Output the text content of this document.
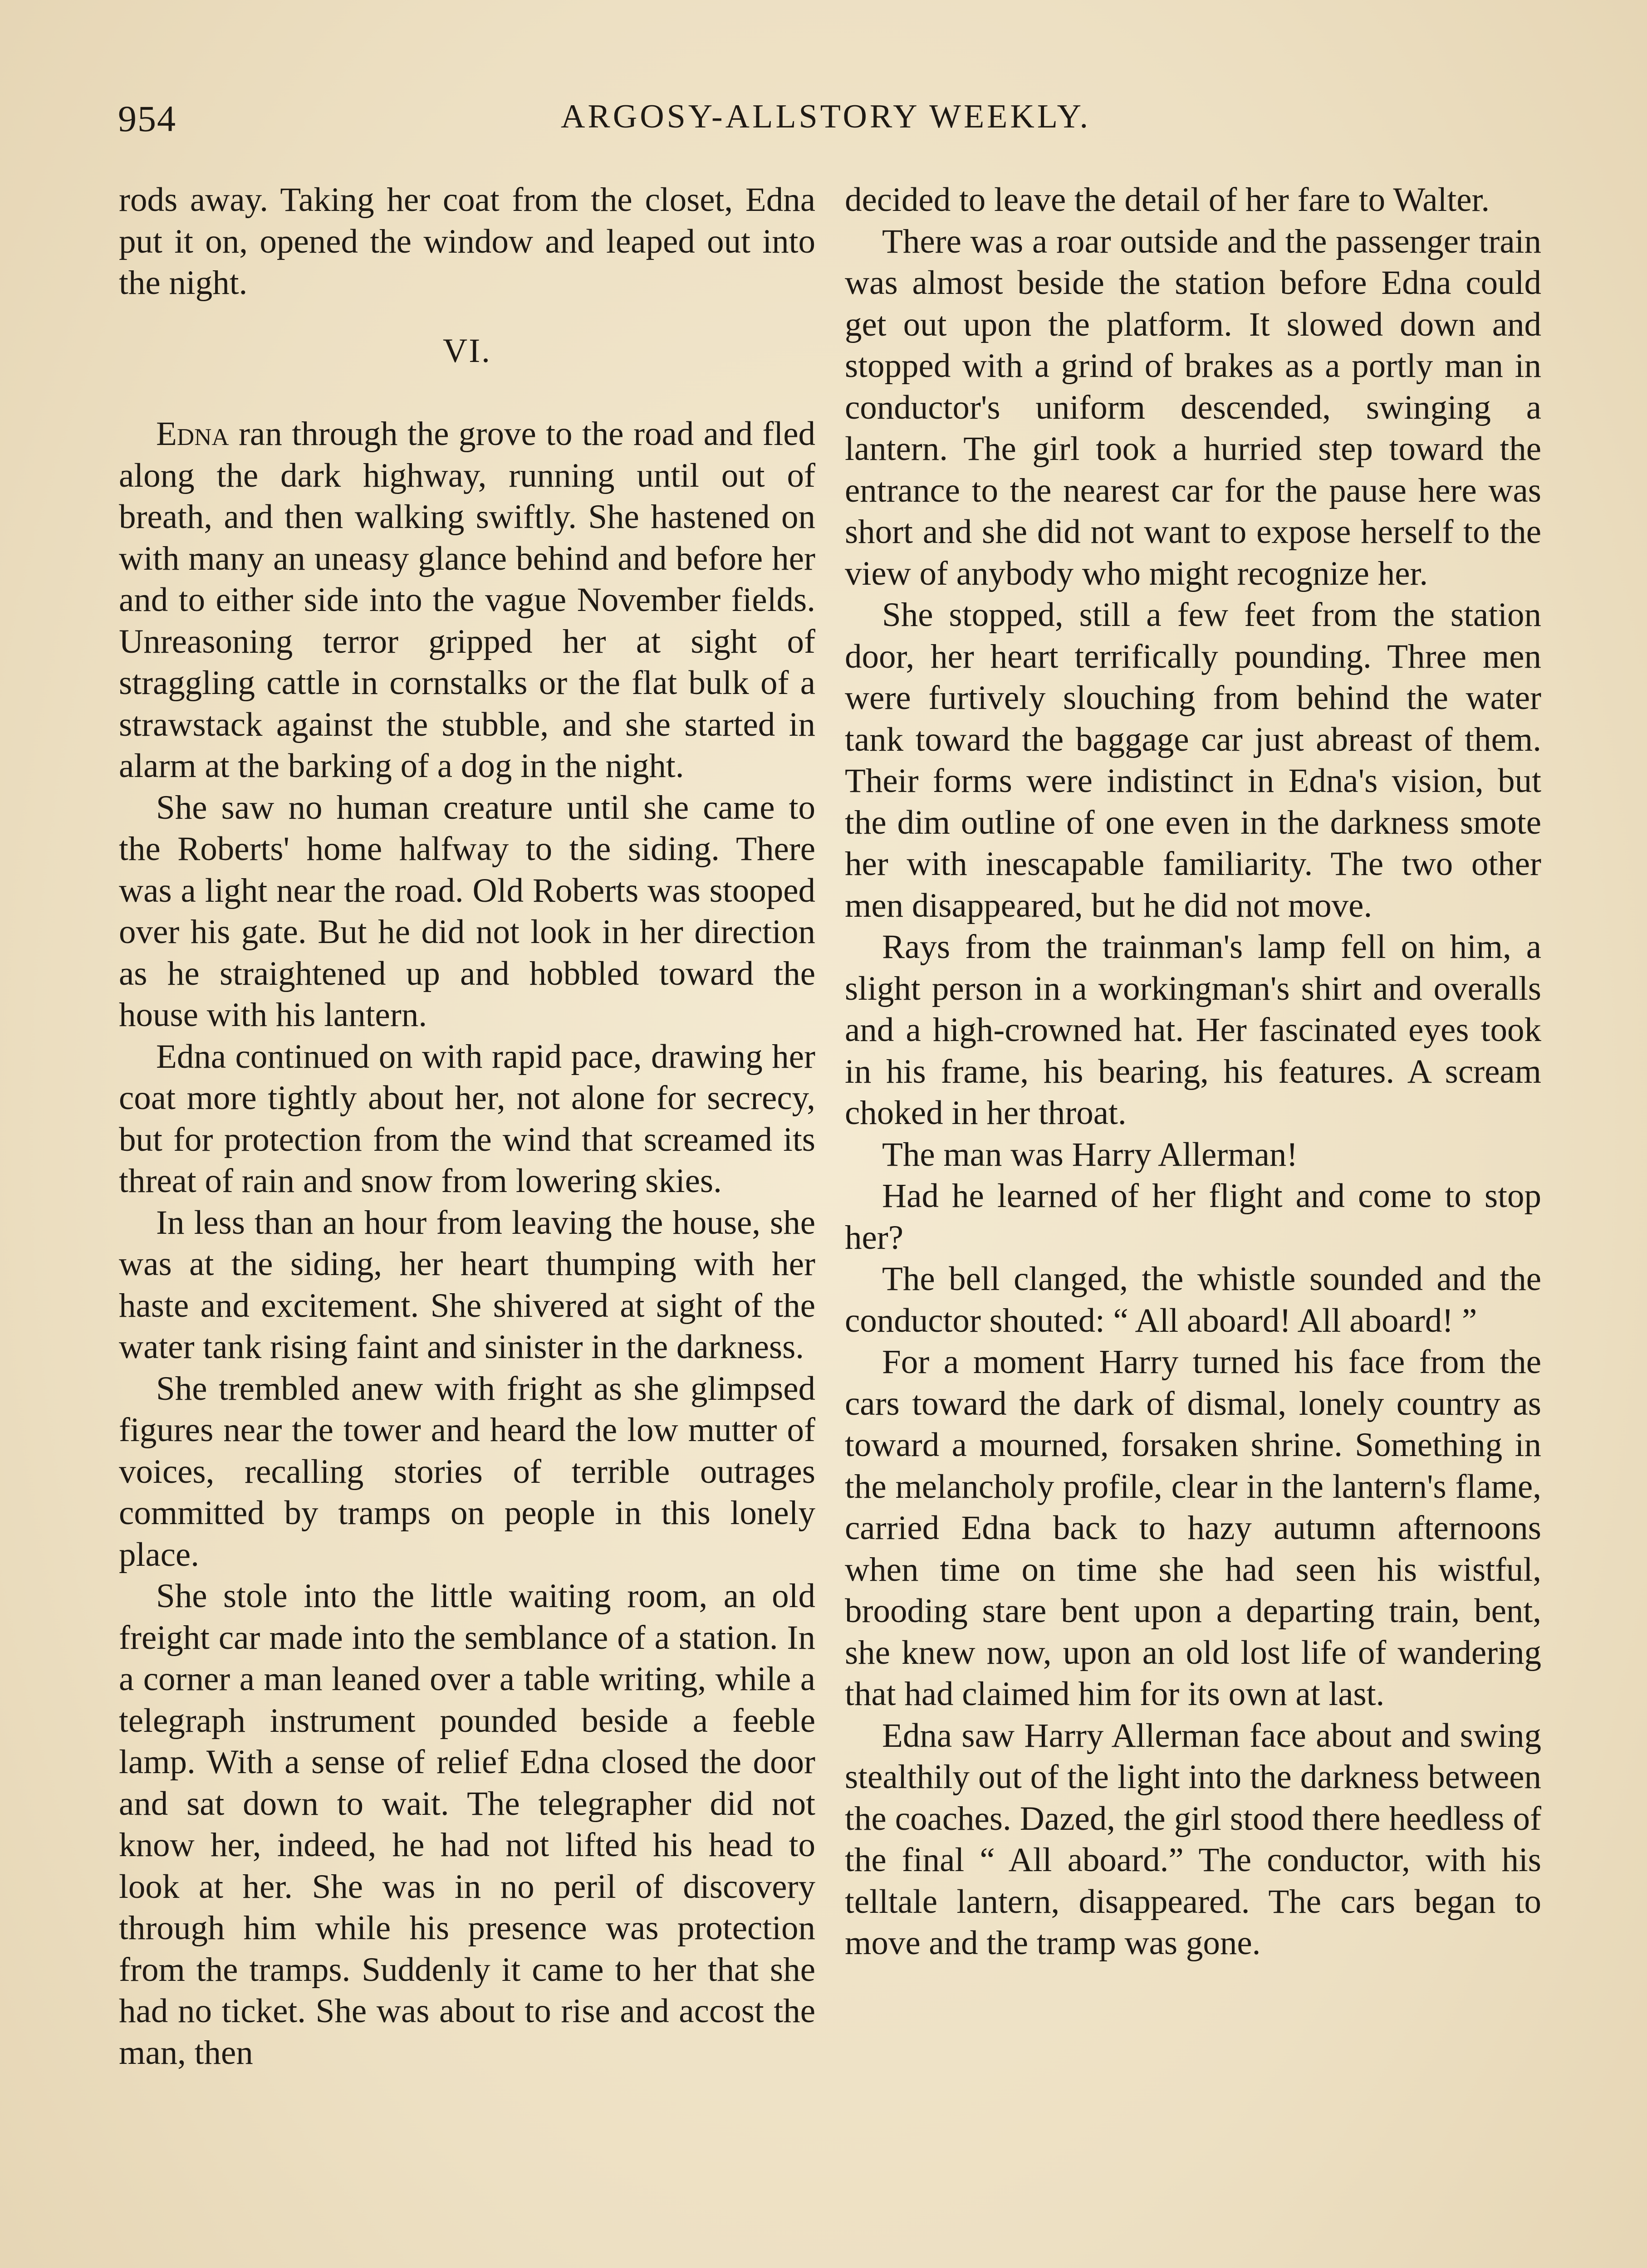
954	ARGOSY-ALLSTORY WEEKLY.

rods away. Taking her coat from the closet, Edna put it on, opened the window and leaped out into the night.

VI.

Edna ran through the grove to the road and fled along the dark highway, running until out of breath, and then walking swiftly. She hastened on with many an uneasy glance behind and before her and to either side into the vague November fields. Unreasoning terror gripped her at sight of straggling cattle in cornstalks or the flat bulk of a strawstack against the stubble, and she started in alarm at the barking of a dog in the night.

She saw no human creature until she came to the Roberts' home halfway to the siding. There was a light near the road. Old Roberts was stooped over his gate. But he did not look in her direction as he straightened up and hobbled toward the house with his lantern.

Edna continued on with rapid pace, drawing her coat more tightly about her, not alone for secrecy, but for protection from the wind that screamed its threat of rain and snow from lowering skies.

In less than an hour from leaving the house, she was at the siding, her heart thumping with her haste and excitement. She shivered at sight of the water tank rising faint and sinister in the darkness.

She trembled anew with fright as she glimpsed figures near the tower and heard the low mutter of voices, recalling stories of terrible outrages committed by tramps on people in this lonely place.

She stole into the little waiting room, an old freight car made into the semblance of a station. In a corner a man leaned over a table writing, while a telegraph instrument pounded beside a feeble lamp. With a sense of relief Edna closed the door and sat down to wait. The telegrapher did not know her, indeed, he had not lifted his head to look at her. She was in no peril of discovery through him while his presence was protection from the tramps. Suddenly it came to her that she had no ticket. She was about to rise and accost the man, then

decided to leave the detail of her fare to Walter.

There was a roar outside and the passenger train was almost beside the station before Edna could get out upon the platform. It slowed down and stopped with a grind of brakes as a portly man in conductor's uniform descended, swinging a lantern. The girl took a hurried step toward the entrance to the nearest car for the pause here was short and she did not want to expose herself to the view of anybody who might recognize her.

She stopped, still a few feet from the station door, her heart terrifically pounding. Three men were furtively slouching from behind the water tank toward the baggage car just abreast of them. Their forms were indistinct in Edna's vision, but the dim outline of one even in the darkness smote her with inescapable familiarity. The two other men disappeared, but he did not move.

Rays from the trainman's lamp fell on him, a slight person in a workingman's shirt and overalls and a high-crowned hat. Her fascinated eyes took in his frame, his bearing, his features. A scream choked in her throat.

The man was Harry Allerman!

Had he learned of her flight and come to stop her?

The bell clanged, the whistle sounded and the conductor shouted: “ All aboard! All aboard! ”

For a moment Harry turned his face from the cars toward the dark of dismal, lonely country as toward a mourned, forsaken shrine. Something in the melancholy profile, clear in the lantern's flame, carried Edna back to hazy autumn afternoons when time on time she had seen his wistful, brooding stare bent upon a departing train, bent, she knew now, upon an old lost life of wandering that had claimed him for its own at last.

Edna saw Harry Allerman face about and swing stealthily out of the light into the darkness between the coaches. Dazed, the girl stood there heedless of the final “ All aboard.” The conductor, with his telltale lantern, disappeared. The cars began to move and the tramp was gone.
